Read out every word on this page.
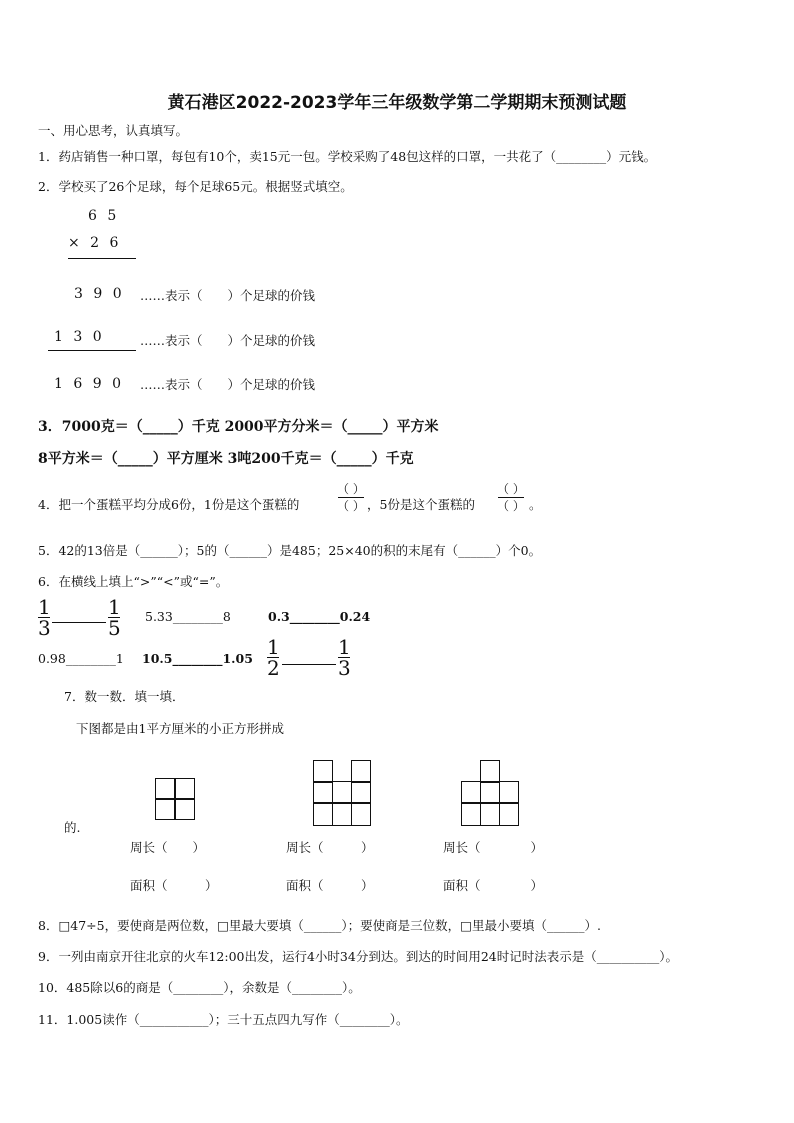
黄石港区2022-2023学年三年级数学第二学期期末预测试题
一、用心思考，认真填写。
1．药店销售一种口罩，每包有10个，卖15元一包。学校采购了48包这样的口罩，一共花了（________）元钱。
2．学校买了26个足球，每个足球65元。根据竖式填空。
6 5
× 2 6
3 9 0 ……表示（　　）个足球的价钱
1 3 0	……表示（　　）个足球的价钱
1 6 9 0 ……表示（　　）个足球的价钱
3．7000克＝（_____）千克 2000平方分米＝（_____）平方米
8平方米＝（_____）平方厘米 3吨200千克＝（_____）千克
4．把一个蛋糕平均分成6份，1份是这个蛋糕的
（ ）
（ ） ，5份是这个蛋糕的
（ ）
（ ） 。
5．42的13倍是（______）；5的（______）是485；25×40的积的末尾有（______）个0。
6．在横线上填上“>”“<”或“=”。
1
3
1
5 5.33________8	0.3________0.24
0.98________1 10.5________1.05 1
2
1
3
7．数一数．填一填．
下图都是由1平方厘米的小正方形拼成
的.
周长（　　）	周长（　　　）	周长（　　　　）
面积（　　　）	面积（　　　）	面积（　　　　）
8．□47÷5，要使商是两位数，□里最大要填（______）；要使商是三位数，□里最小要填（______）.
9．一列由南京开往北京的火车12:00出发，运行4小时34分到达。到达的时间用24时记时法表示是（__________）。
10．485除以6的商是（________），余数是（________）。
11．1.005读作（___________）；三十五点四九写作（________）。
